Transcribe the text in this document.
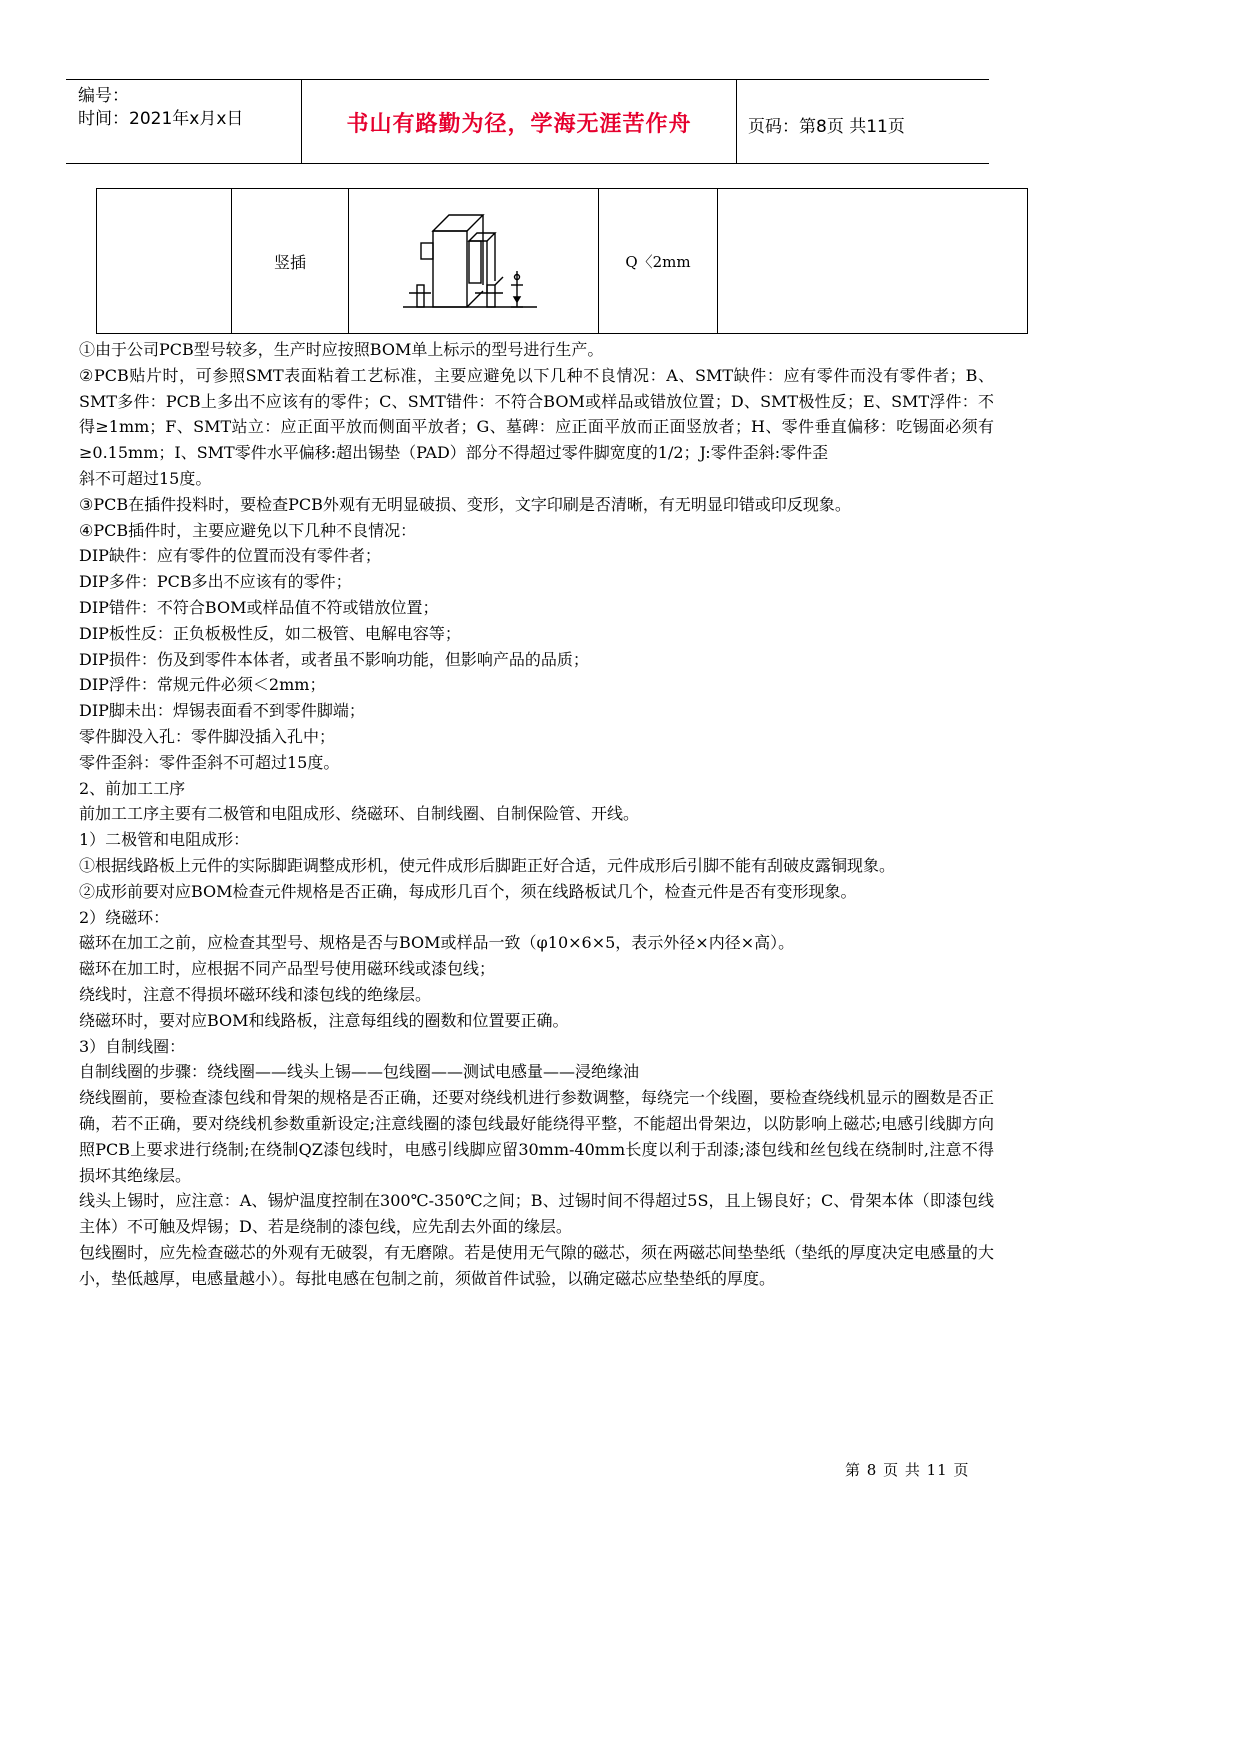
编号：
时间：2021年x月x日	书山有路勤为径，学海无涯苦作舟	页码：第8页 共11页
竖插	Q〈2mm

①由于公司PCB型号较多，生产时应按照BOM单上标示的型号进行生产。

②PCB贴片时，可参照SMT表面粘着工艺标准，主要应避免以下几种不良情况：A、SMT缺件：应有零件而没有零件者；B、SMT多件：PCB上多出不应该有的零件；C、SMT错件：不符合BOM或样品或错放位置；D、SMT极性反；E、SMT浮件：不得≥1mm；F、SMT站立：应正面平放而侧面平放者；G、墓碑：应正面平放而正面竖放者；H、零件垂直偏移：吃锡面必须有≥0.15mm；I、SMT零件水平偏移:超出锡垫（PAD）部分不得超过零件脚宽度的1/2；J:零件歪斜:零件歪

斜不可超过15度。

③PCB在插件投料时，要检查PCB外观有无明显破损、变形，文字印刷是否清晰，有无明显印错或印反现象。

④PCB插件时，主要应避免以下几种不良情况：

DIP缺件：应有零件的位置而没有零件者；

DIP多件：PCB多出不应该有的零件；

DIP错件：不符合BOM或样品值不符或错放位置；

DIP板性反：正负板极性反，如二极管、电解电容等；

DIP损件：伤及到零件本体者，或者虽不影响功能，但影响产品的品质；

DIP浮件：常规元件必须＜2mm；

DIP脚未出：焊锡表面看不到零件脚端；

零件脚没入孔：零件脚没插入孔中；

零件歪斜：零件歪斜不可超过15度。

2、前加工工序

前加工工序主要有二极管和电阻成形、绕磁环、自制线圈、自制保险管、开线。

1）二极管和电阻成形：

①根据线路板上元件的实际脚距调整成形机，使元件成形后脚距正好合适，元件成形后引脚不能有刮破皮露铜现象。

②成形前要对应BOM检查元件规格是否正确，每成形几百个，须在线路板试几个，检查元件是否有变形现象。

2）绕磁环：

磁环在加工之前，应检查其型号、规格是否与BOM或样品一致（φ10×6×5，表示外径×内径×高）。

磁环在加工时，应根据不同产品型号使用磁环线或漆包线；

绕线时，注意不得损坏磁环线和漆包线的绝缘层。

绕磁环时，要对应BOM和线路板，注意每组线的圈数和位置要正确。

3）自制线圈：

自制线圈的步骤：绕线圈——线头上锡——包线圈——测试电感量——浸绝缘油

绕线圈前，要检查漆包线和骨架的规格是否正确，还要对绕线机进行参数调整，每绕完一个线圈，要检查绕线机显示的圈数是否正确，若不正确，要对绕线机参数重新设定;注意线圈的漆包线最好能绕得平整，不能超出骨架边，以防影响上磁芯;电感引线脚方向照PCB上要求进行绕制;在绕制QZ漆包线时，电感引线脚应留30mm-40mm长度以利于刮漆;漆包线和丝包线在绕制时,注意不得损坏其绝缘层。

线头上锡时，应注意：A、锡炉温度控制在300℃-350℃之间；B、过锡时间不得超过5S，且上锡良好；C、骨架本体（即漆包线主体）不可触及焊锡；D、若是绕制的漆包线，应先刮去外面的缘层。

包线圈时，应先检查磁芯的外观有无破裂，有无磨隙。若是使用无气隙的磁芯，须在两磁芯间垫垫纸（垫纸的厚度决定电感量的大小，垫低越厚，电感量越小）。每批电感在包制之前，须做首件试验，以确定磁芯应垫垫纸的厚度。

第 8 页 共 11 页
